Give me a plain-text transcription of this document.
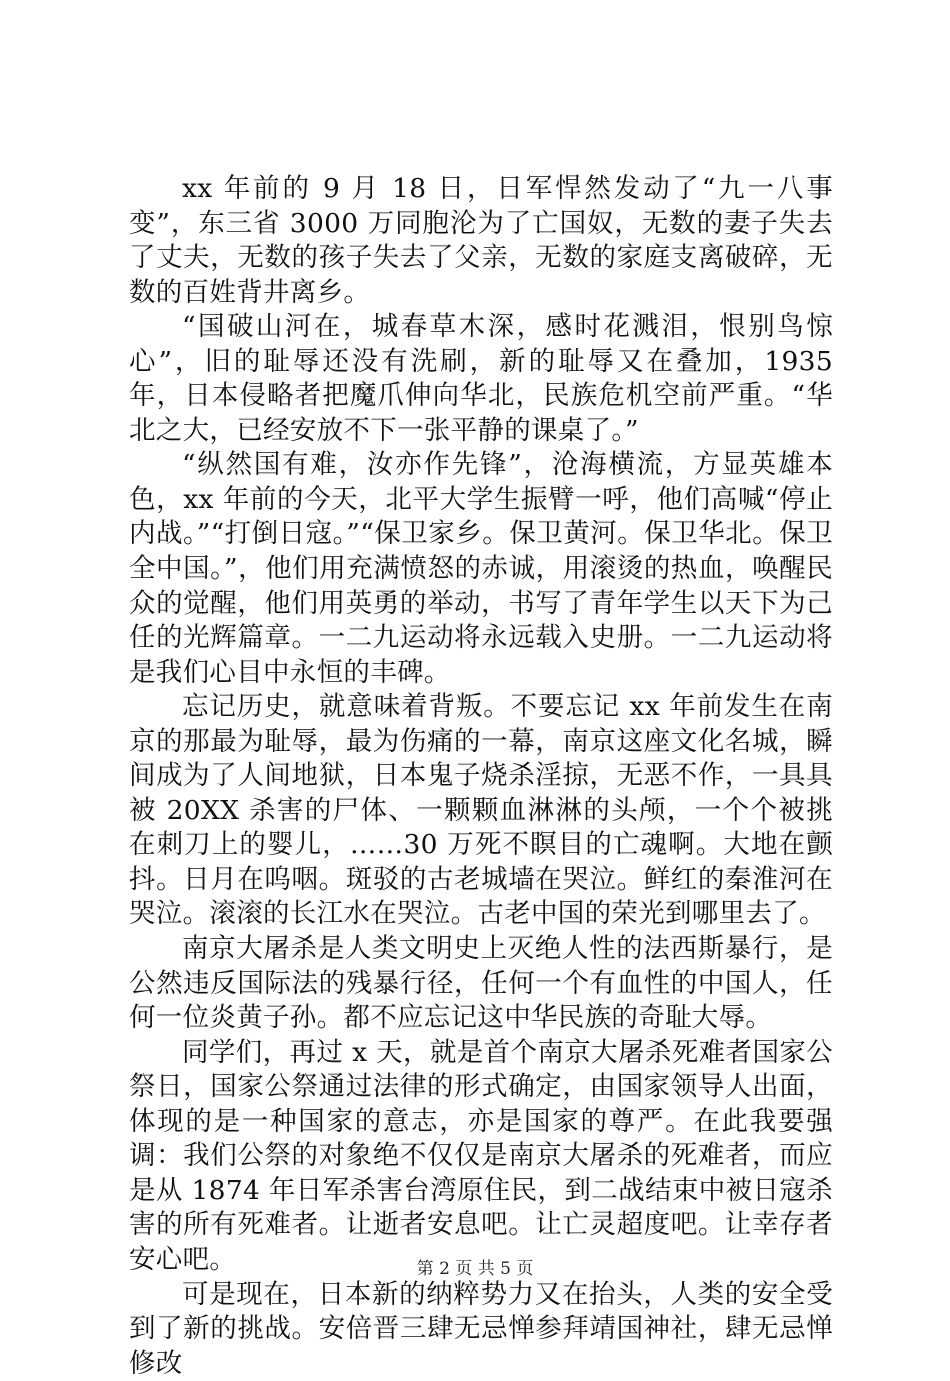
xx 年前的 9 月 18 日，日军悍然发动了“九一八事变”，东三省 3000 万同胞沦为了亡国奴，无数的妻子失去了丈夫，无数的孩子失去了父亲，无数的家庭支离破碎，无数的百姓背井离乡。

“国破山河在，城春草木深，感时花溅泪，恨别鸟惊心”，旧的耻辱还没有洗刷，新的耻辱又在叠加，1935 年，日本侵略者把魔爪伸向华北，民族危机空前严重。“华北之大，已经安放不下一张平静的课桌了。”

“纵然国有难，汝亦作先锋”，沧海横流，方显英雄本色，xx 年前的今天，北平大学生振臂一呼，他们高喊“停止内战。”“打倒日寇。”“保卫家乡。保卫黄河。保卫华北。保卫全中国。”，他们用充满愤怒的赤诚，用滚烫的热血，唤醒民众的觉醒，他们用英勇的举动，书写了青年学生以天下为己任的光辉篇章。一二九运动将永远载入史册。一二九运动将是我们心目中永恒的丰碑。

忘记历史，就意味着背叛。不要忘记 xx 年前发生在南京的那最为耻辱，最为伤痛的一幕，南京这座文化名城，瞬间成为了人间地狱，日本鬼子烧杀淫掠，无恶不作，一具具被 20XX 杀害的尸体、一颗颗血淋淋的头颅，一个个被挑在刺刀上的婴儿，……30 万死不瞑目的亡魂啊。大地在颤抖。日月在呜咽。斑驳的古老城墙在哭泣。鲜红的秦淮河在哭泣。滚滚的长江水在哭泣。古老中国的荣光到哪里去了。

南京大屠杀是人类文明史上灭绝人性的法西斯暴行，是公然违反国际法的残暴行径，任何一个有血性的中国人，任何一位炎黄子孙。都不应忘记这中华民族的奇耻大辱。

同学们，再过 x 天，就是首个南京大屠杀死难者国家公祭日，国家公祭通过法律的形式确定，由国家领导人出面，体现的是一种国家的意志，亦是国家的尊严。在此我要强调：我们公祭的对象绝不仅仅是南京大屠杀的死难者，而应是从 1874 年日军杀害台湾原住民，到二战结束中被日寇杀害的所有死难者。让逝者安息吧。让亡灵超度吧。让幸存者安心吧。

可是现在，日本新的纳粹势力又在抬头，人类的安全受到了新的挑战。安倍晋三肆无忌惮参拜靖国神社，肆无忌惮修改

第 2 页 共 5 页
